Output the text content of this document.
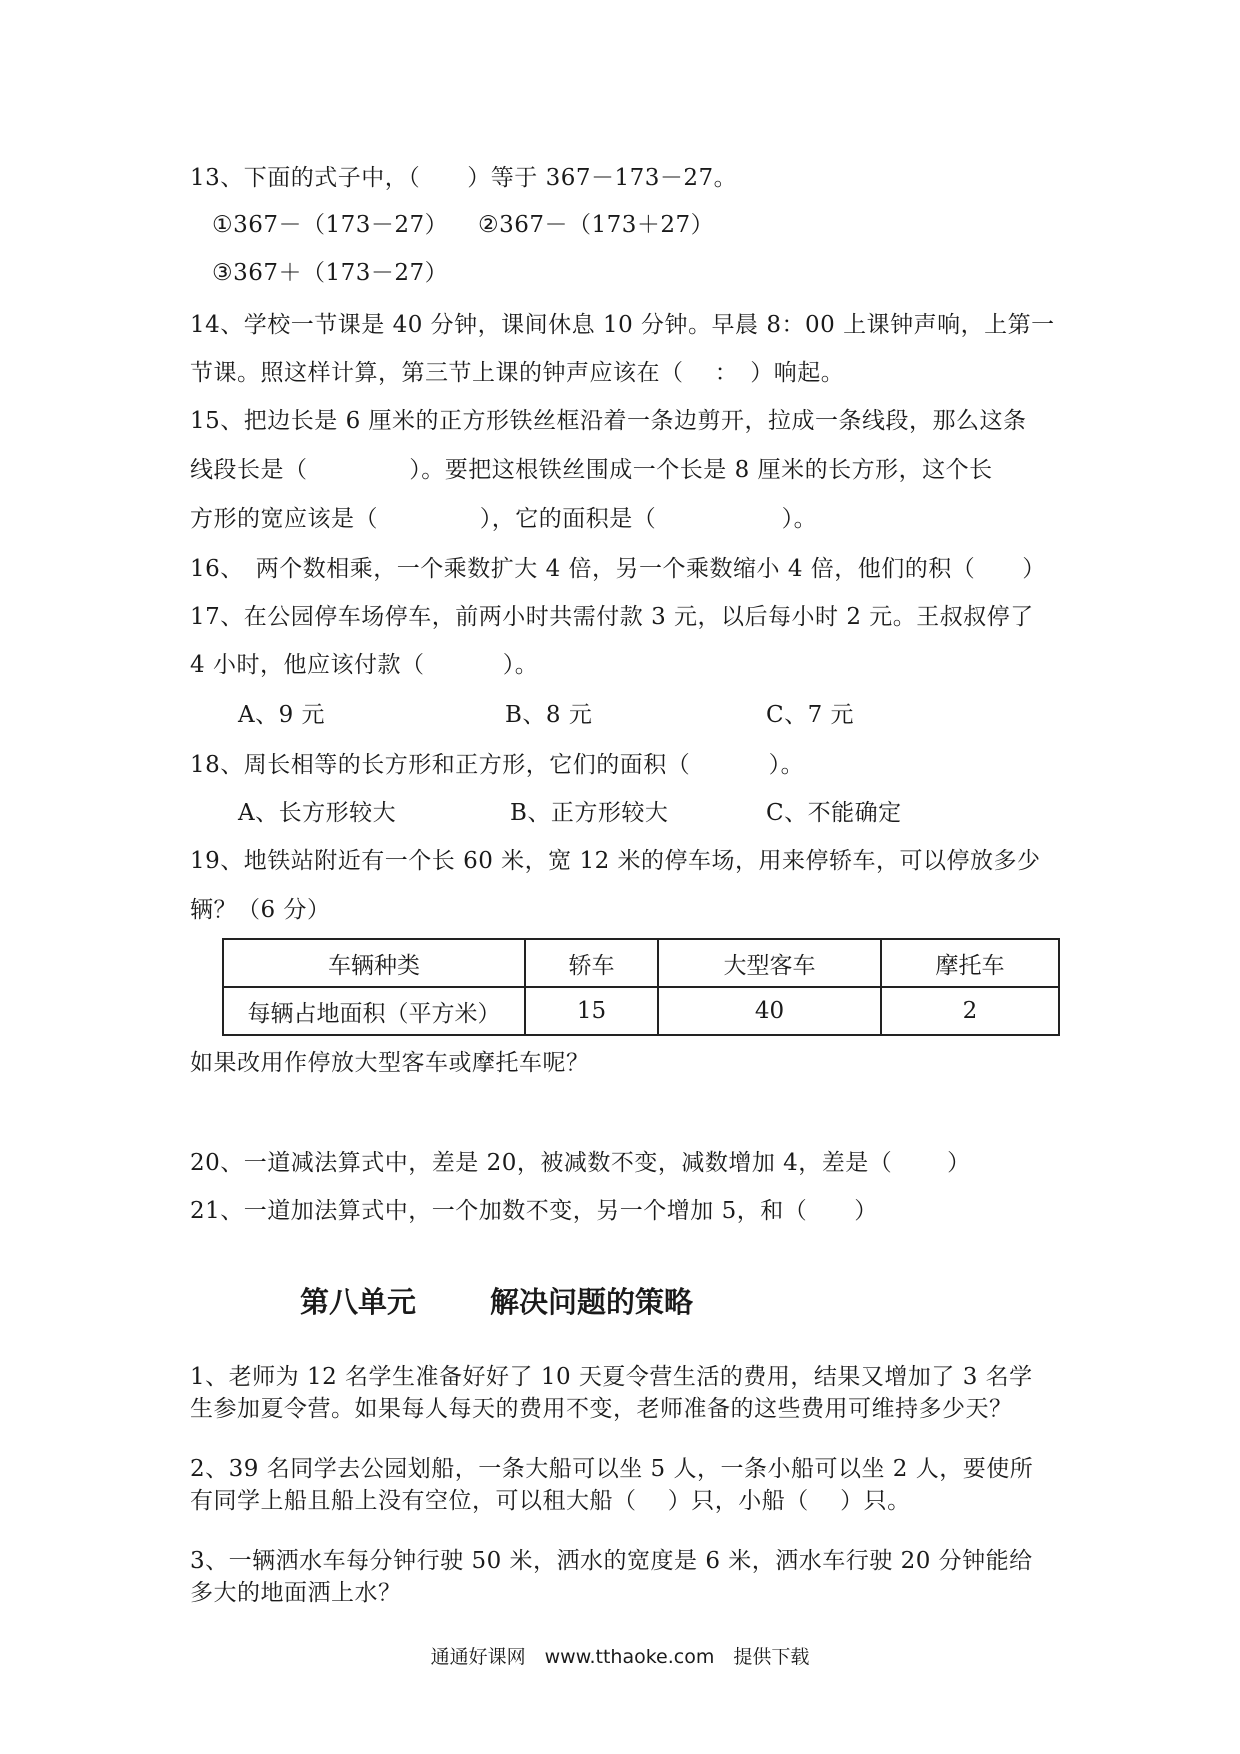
13、下面的式子中，（　　）等于 367－173－27。
①367－（173－27） ②367－（173＋27）
③367＋（173－27）
14、学校一节课是 40 分钟，课间休息 10 分钟。早晨 8：00 上课钟声响，上第一
节课。照这样计算，第三节上课的钟声应该在（　 ：　）响起。
15、把边长是 6 厘米的正方形铁丝框沿着一条边剪开，拉成一条线段，那么这条
线段长是（　　　　 ）。要把这根铁丝围成一个长是 8 厘米的长方形，这个长
方形的宽应该是（　　　　 ），它的面积是（　　　　　 ）。
16、　两个数相乘，一个乘数扩大 4 倍，另一个乘数缩小 4 倍，他们的积（　　）
17、在公园停车场停车，前两小时共需付款 3 元，以后每小时 2 元。王叔叔停了
4 小时，他应该付款（　　　 ）。
A、9 元	B、8 元	C、7 元
18、周长相等的长方形和正方形，它们的面积（　　　 ）。
A、长方形较大	B、正方形较大	C、不能确定
19、地铁站附近有一个长 60 米，宽 12 米的停车场，用来停轿车，可以停放多少
辆？（6 分）
车辆种类	轿车	大型客车	摩托车
每辆占地面积（平方米）	15	40	2
如果改用作停放大型客车或摩托车呢？
20、一道减法算式中，差是 20，被减数不变，减数增加 4，差是（　　 ）
21、一道加法算式中，一个加数不变，另一个增加 5，和（　　）
第八单元	解决问题的策略
1、老师为 12 名学生准备好好了 10 天夏令营生活的费用，结果又增加了 3 名学
生参加夏令营。如果每人每天的费用不变，老师准备的这些费用可维持多少天？
2、39 名同学去公园划船，一条大船可以坐 5 人，一条小船可以坐 2 人，要使所
有同学上船且船上没有空位，可以租大船（　 ）只，小船（　 ）只。
3、一辆洒水车每分钟行驶 50 米，洒水的宽度是 6 米，洒水车行驶 20 分钟能给
多大的地面洒上水？
通通好课网　www.tthaoke.com　提供下载
